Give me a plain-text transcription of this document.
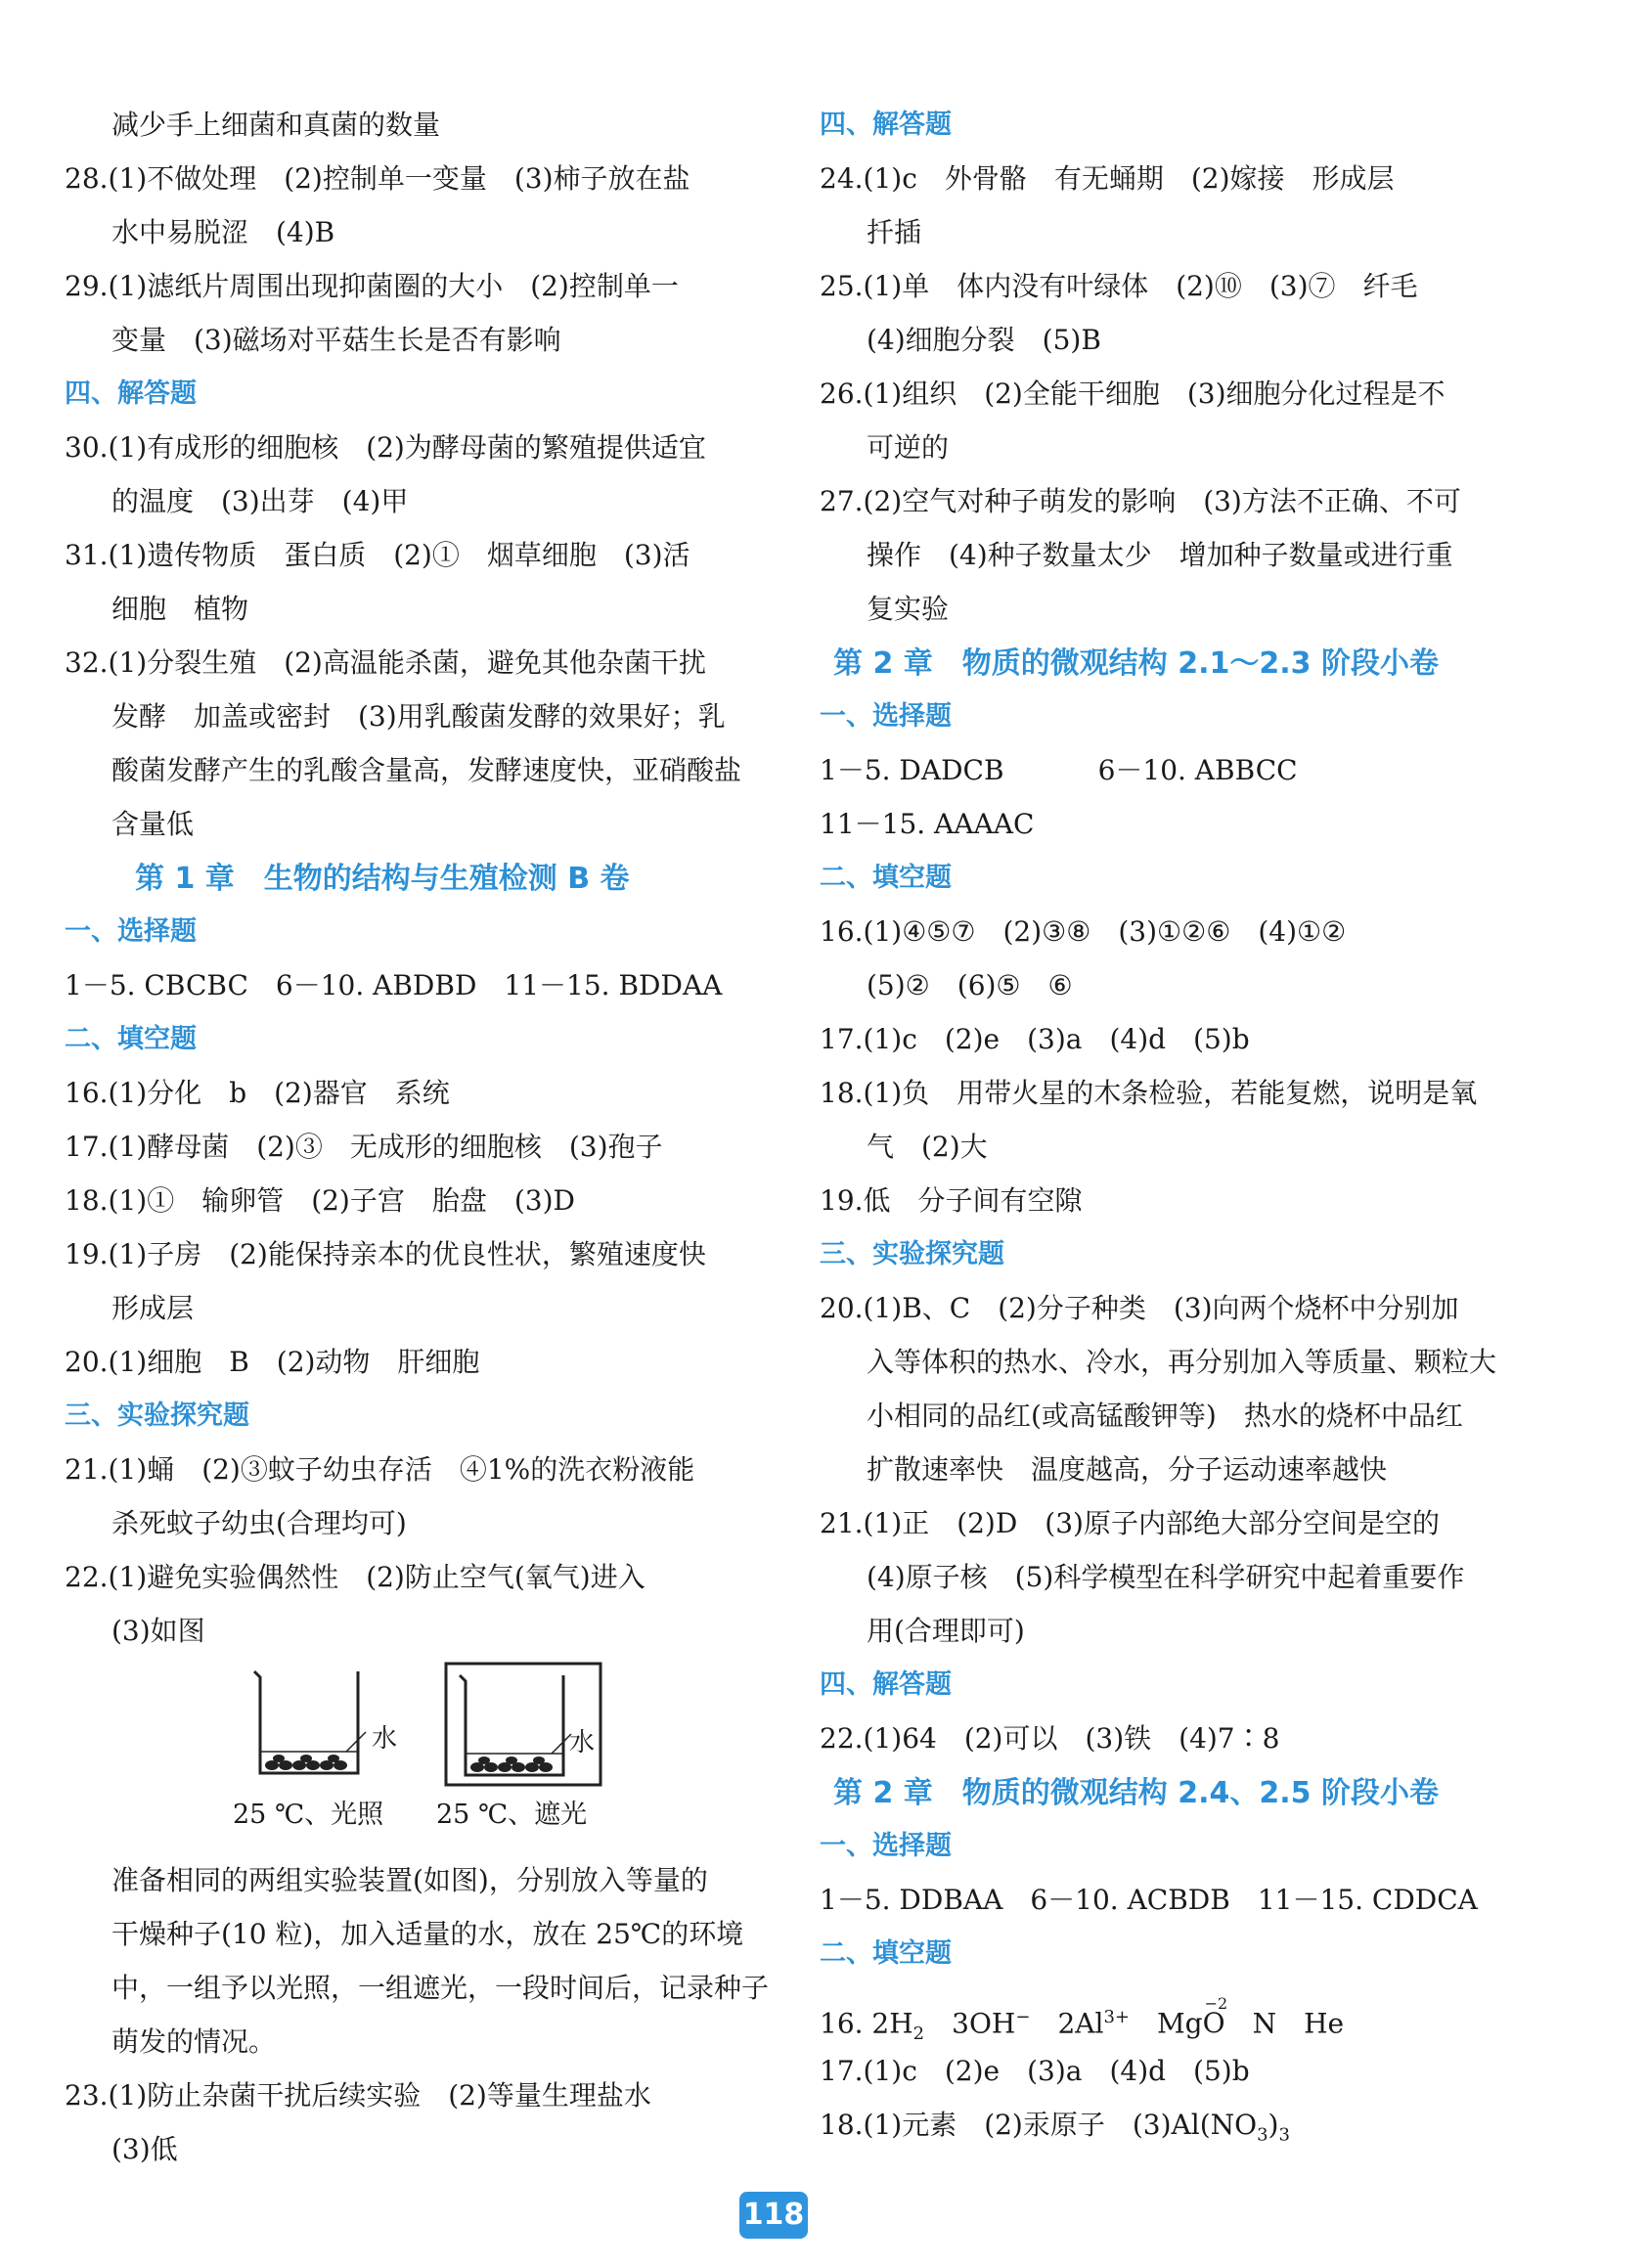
减少手上细菌和真菌的数量
28.(1)不做处理　(2)控制单一变量　(3)柿子放在盐
水中易脱涩　(4)B
29.(1)滤纸片周围出现抑菌圈的大小　(2)控制单一
变量　(3)磁场对平菇生长是否有影响
四、解答题
30.(1)有成形的细胞核　(2)为酵母菌的繁殖提供适宜
的温度　(3)出芽　(4)甲
31.(1)遗传物质　蛋白质　(2)①　烟草细胞　(3)活
细胞　植物
32.(1)分裂生殖　(2)高温能杀菌，避免其他杂菌干扰
发酵　加盖或密封　(3)用乳酸菌发酵的效果好；乳
酸菌发酵产生的乳酸含量高，发酵速度快，亚硝酸盐
含量低
第 1 章　生物的结构与生殖检测 B 卷
一、选择题
1－5. CBCBC　6－10. ABDBD　11－15. BDDAA
二、填空题
16.(1)分化　b　(2)器官　系统
17.(1)酵母菌　(2)③　无成形的细胞核　(3)孢子
18.(1)①　输卵管　(2)子宫　胎盘　(3)D
19.(1)子房　(2)能保持亲本的优良性状，繁殖速度快
形成层
20.(1)细胞　B　(2)动物　肝细胞
三、实验探究题
21.(1)蛹　(2)③蚊子幼虫存活　④1%的洗衣粉液能
杀死蚊子幼虫(合理均可)
22.(1)避免实验偶然性　(2)防止空气(氧气)进入
(3)如图
水
25 ℃、光照
水
25 ℃、遮光
准备相同的两组实验装置(如图)，分别放入等量的
干燥种子(10 粒)，加入适量的水，放在 25℃的环境
中，一组予以光照，一组遮光，一段时间后，记录种子
萌发的情况。
23.(1)防止杂菌干扰后续实验　(2)等量生理盐水
(3)低
四、解答题
24.(1)c　外骨骼　有无蛹期　(2)嫁接　形成层
扦插
25.(1)单　体内没有叶绿体　(2)⑩　(3)⑦　纤毛
(4)细胞分裂　(5)B
26.(1)组织　(2)全能干细胞　(3)细胞分化过程是不
可逆的
27.(2)空气对种子萌发的影响　(3)方法不正确、不可
操作　(4)种子数量太少　增加种子数量或进行重
复实验
第 2 章　物质的微观结构 2.1～2.3 阶段小卷
一、选择题
1－5. DADCB	6－10. ABBCC
11－15. AAAAC
二、填空题
16.(1)④⑤⑦　(2)③⑧　(3)①②⑥　(4)①②
(5)②　(6)⑤　⑥
17.(1)c　(2)e　(3)a　(4)d　(5)b
18.(1)负　用带火星的木条检验，若能复燃，说明是氧
气　(2)大
19.低　分子间有空隙
三、实验探究题
20.(1)B、C　(2)分子种类　(3)向两个烧杯中分别加
入等体积的热水、冷水，再分别加入等质量、颗粒大
小相同的品红(或高锰酸钾等)　热水的烧杯中品红
扩散速率快　温度越高，分子运动速率越快
21.(1)正　(2)D　(3)原子内部绝大部分空间是空的
(4)原子核　(5)科学模型在科学研究中起着重要作
用(合理即可)
四、解答题
22.(1)64　(2)可以　(3)铁　(4)7∶8
第 2 章　物质的微观结构 2.4、2.5 阶段小卷
一、选择题
1－5. DDBAA　6－10. ACBDB　11－15. CDDCA
二、填空题
16. $2H_2$　 3OH−　 $2Al^{3+}$　 Mg
−2
O　 N　He
17.(1)c　(2)e　(3)a　(4)d　(5)b
18.(1)元素　(2)汞原子　$(3)Al(NO_3)_3$
118
